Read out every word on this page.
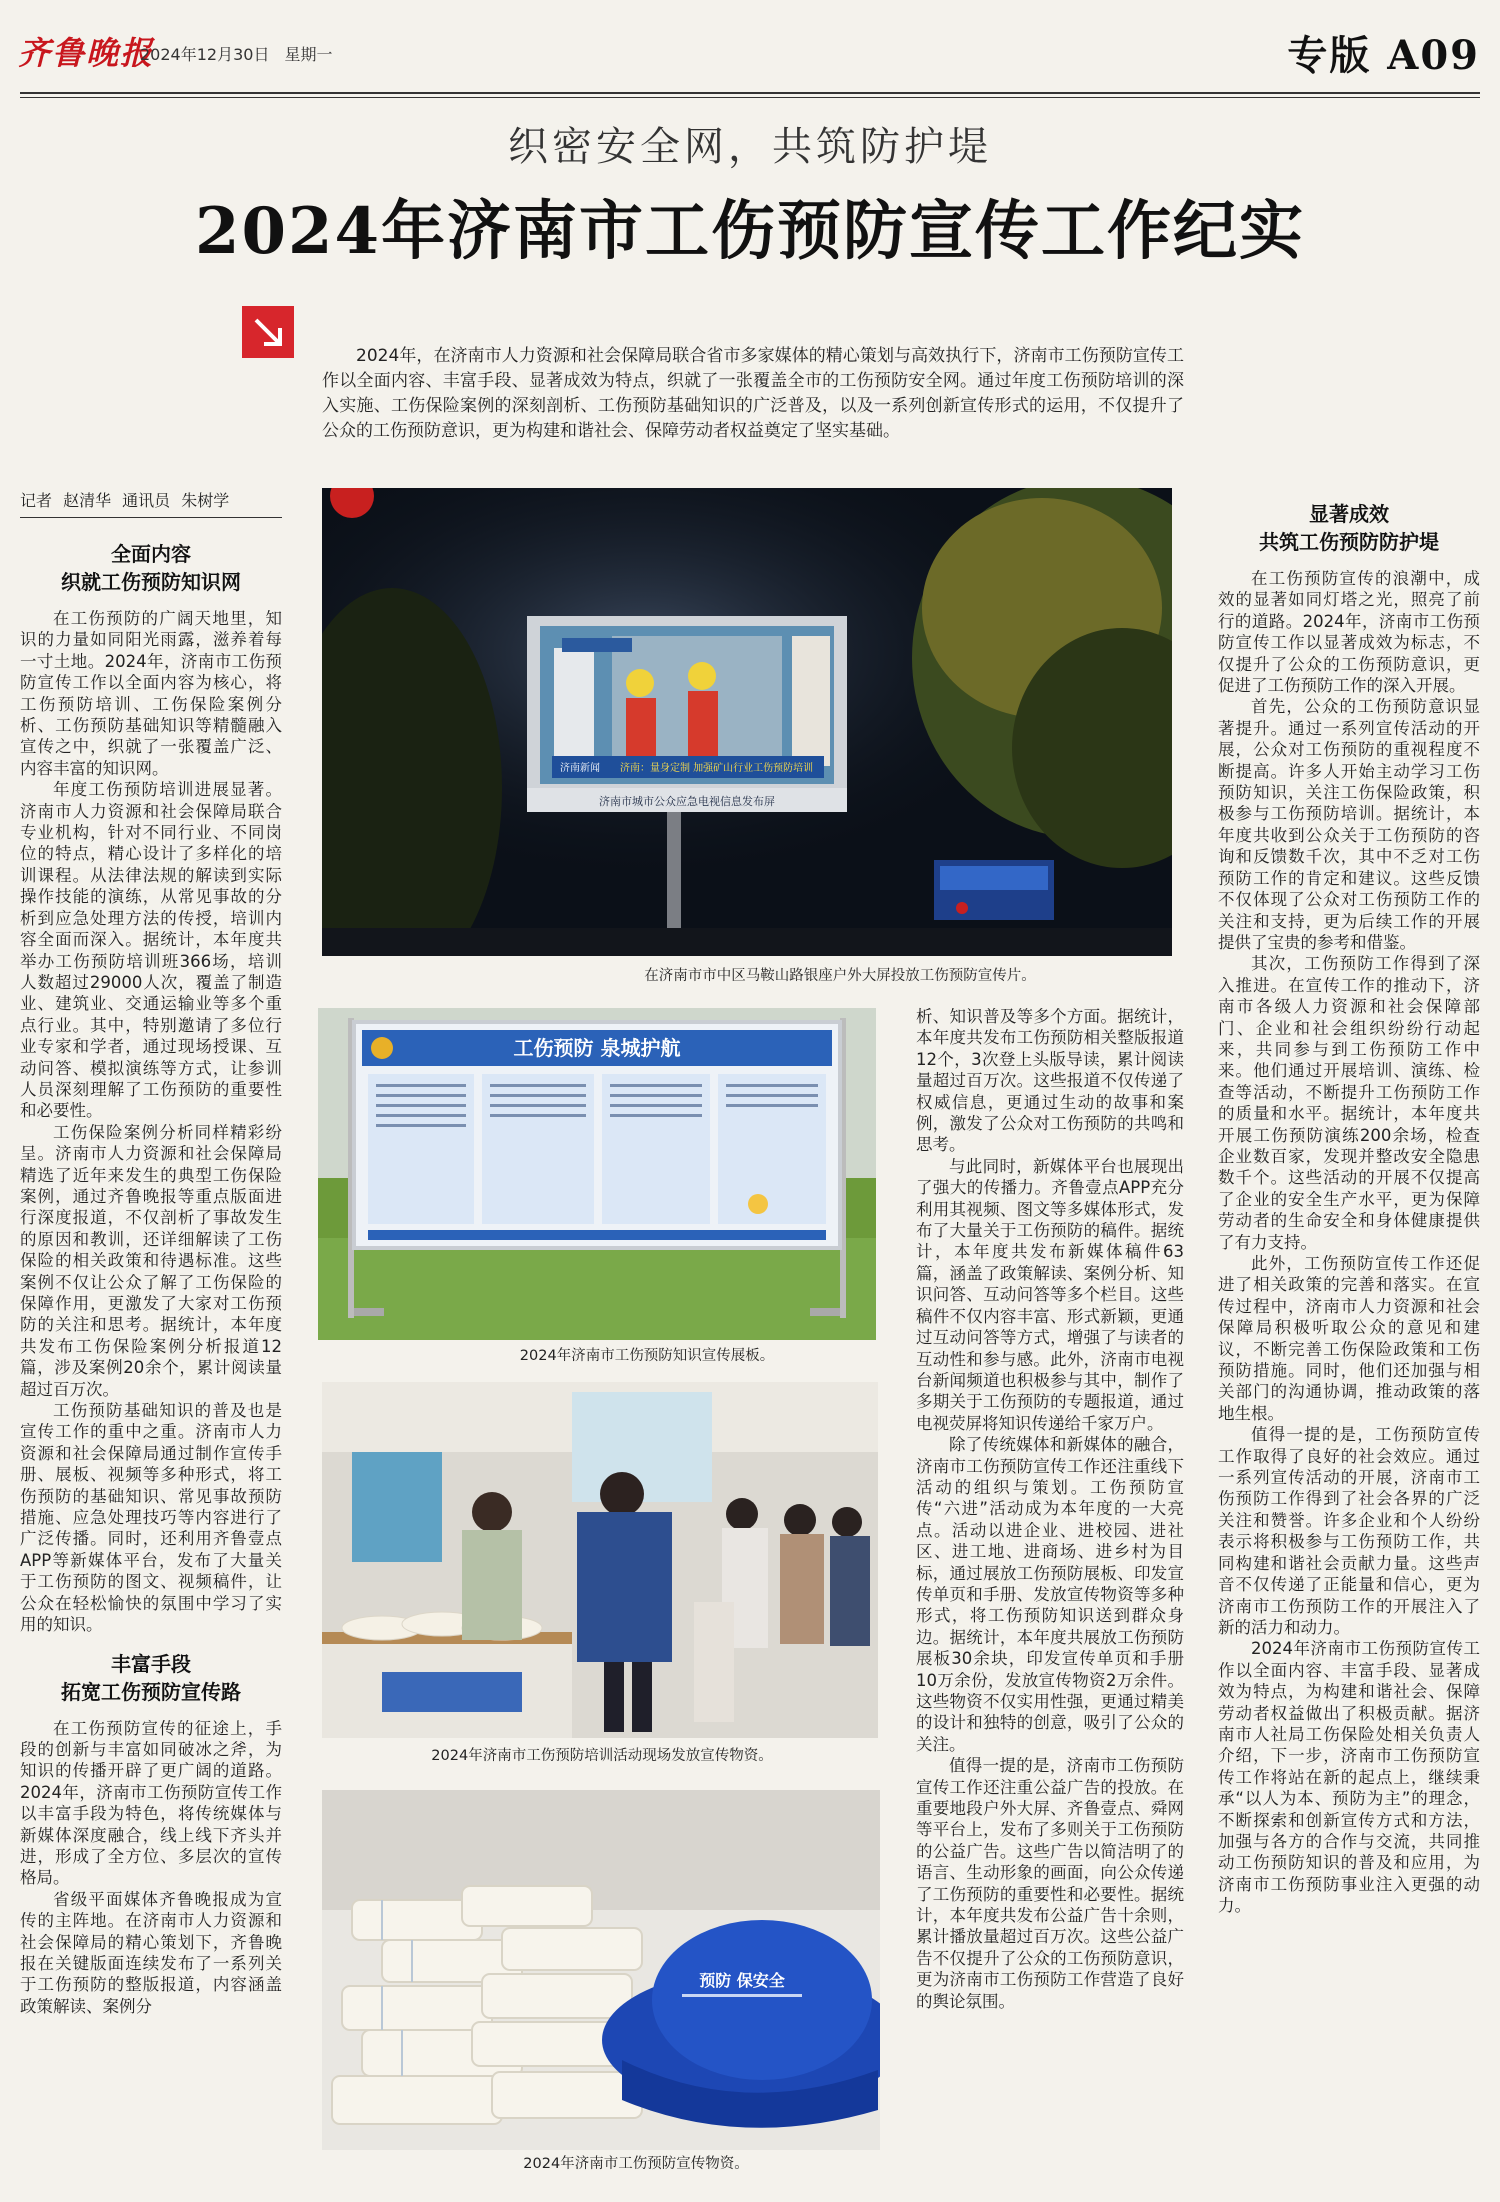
齐鲁晚报
2024年12月30日 星期一	专版 A09
织密安全网，共筑防护堤
2024年济南市工伤预防宣传工作纪实

2024年，在济南市人力资源和社会保障局联合省市多家媒体的精心策划与高效执行下，济南市工伤预防宣传工作以全面内容、丰富手段、显著成效为特点，织就了一张覆盖全市的工伤预防安全网。通过年度工伤预防培训的深入实施、工伤保险案例的深刻剖析、工伤预防基础知识的广泛普及，以及一系列创新宣传形式的运用，不仅提升了公众的工伤预防意识，更为构建和谐社会、保障劳动者权益奠定了坚实基础。

记者 赵清华 通讯员 朱树学
全面内容
织就工伤预防知识网

在工伤预防的广阔天地里，知识的力量如同阳光雨露，滋养着每一寸土地。2024年，济南市工伤预防宣传工作以全面内容为核心，将工伤预防培训、工伤保险案例分析、工伤预防基础知识等精髓融入宣传之中，织就了一张覆盖广泛、内容丰富的知识网。

年度工伤预防培训进展显著。济南市人力资源和社会保障局联合专业机构，针对不同行业、不同岗位的特点，精心设计了多样化的培训课程。从法律法规的解读到实际操作技能的演练，从常见事故的分析到应急处理方法的传授，培训内容全面而深入。据统计，本年度共举办工伤预防培训班366场，培训人数超过29000人次，覆盖了制造业、建筑业、交通运输业等多个重点行业。其中，特别邀请了多位行业专家和学者，通过现场授课、互动问答、模拟演练等方式，让参训人员深刻理解了工伤预防的重要性和必要性。

工伤保险案例分析同样精彩纷呈。济南市人力资源和社会保障局精选了近年来发生的典型工伤保险案例，通过齐鲁晚报等重点版面进行深度报道，不仅剖析了事故发生的原因和教训，还详细解读了工伤保险的相关政策和待遇标准。这些案例不仅让公众了解了工伤保险的保障作用，更激发了大家对工伤预防的关注和思考。据统计，本年度共发布工伤保险案例分析报道12篇，涉及案例20余个，累计阅读量超过百万次。

工伤预防基础知识的普及也是宣传工作的重中之重。济南市人力资源和社会保障局通过制作宣传手册、展板、视频等多种形式，将工伤预防的基础知识、常见事故预防措施、应急处理技巧等内容进行了广泛传播。同时，还利用齐鲁壹点APP等新媒体平台，发布了大量关于工伤预防的图文、视频稿件，让公众在轻松愉快的氛围中学习了实用的知识。

丰富手段
拓宽工伤预防宣传路

在工伤预防宣传的征途上，手段的创新与丰富如同破冰之斧，为知识的传播开辟了更广阔的道路。2024年，济南市工伤预防宣传工作以丰富手段为特色，将传统媒体与新媒体深度融合，线上线下齐头并进，形成了全方位、多层次的宣传格局。

省级平面媒体齐鲁晚报成为宣传的主阵地。在济南市人力资源和社会保障局的精心策划下，齐鲁晚报在关键版面连续发布了一系列关于工伤预防的整版报道，内容涵盖政策解读、案例分

济南新闻 济南：量身定制 加强矿山行业工伤预防培训
济南市城市公众应急电视信息发布屏
在济南市市中区马鞍山路银座户外大屏投放工伤预防宣传片。
工伤预防 泉城护航
2024年济南市工伤预防知识宣传展板。
2024年济南市工伤预防培训活动现场发放宣传物资。
预防 保安全
2024年济南市工伤预防宣传物资。

析、知识普及等多个方面。据统计，本年度共发布工伤预防相关整版报道12个，3次登上头版导读，累计阅读量超过百万次。这些报道不仅传递了权威信息，更通过生动的故事和案例，激发了公众对工伤预防的共鸣和思考。

与此同时，新媒体平台也展现出了强大的传播力。齐鲁壹点APP充分利用其视频、图文等多媒体形式，发布了大量关于工伤预防的稿件。据统计，本年度共发布新媒体稿件63篇，涵盖了政策解读、案例分析、知识问答、互动问答等多个栏目。这些稿件不仅内容丰富、形式新颖，更通过互动问答等方式，增强了与读者的互动性和参与感。此外，济南市电视台新闻频道也积极参与其中，制作了多期关于工伤预防的专题报道，通过电视荧屏将知识传递给千家万户。

除了传统媒体和新媒体的融合，济南市工伤预防宣传工作还注重线下活动的组织与策划。工伤预防宣传“六进”活动成为本年度的一大亮点。活动以进企业、进校园、进社区、进工地、进商场、进乡村为目标，通过展放工伤预防展板、印发宣传单页和手册、发放宣传物资等多种形式，将工伤预防知识送到群众身边。据统计，本年度共展放工伤预防展板30余块，印发宣传单页和手册10万余份，发放宣传物资2万余件。这些物资不仅实用性强，更通过精美的设计和独特的创意，吸引了公众的关注。

值得一提的是，济南市工伤预防宣传工作还注重公益广告的投放。在重要地段户外大屏、齐鲁壹点、舜网等平台上，发布了多则关于工伤预防的公益广告。这些广告以简洁明了的语言、生动形象的画面，向公众传递了工伤预防的重要性和必要性。据统计，本年度共发布公益广告十余则，累计播放量超过百万次。这些公益广告不仅提升了公众的工伤预防意识，更为济南市工伤预防工作营造了良好的舆论氛围。

显著成效
共筑工伤预防防护堤

在工伤预防宣传的浪潮中，成效的显著如同灯塔之光，照亮了前行的道路。2024年，济南市工伤预防宣传工作以显著成效为标志，不仅提升了公众的工伤预防意识，更促进了工伤预防工作的深入开展。

首先，公众的工伤预防意识显著提升。通过一系列宣传活动的开展，公众对工伤预防的重视程度不断提高。许多人开始主动学习工伤预防知识，关注工伤保险政策，积极参与工伤预防培训。据统计，本年度共收到公众关于工伤预防的咨询和反馈数千次，其中不乏对工伤预防工作的肯定和建议。这些反馈不仅体现了公众对工伤预防工作的关注和支持，更为后续工作的开展提供了宝贵的参考和借鉴。

其次，工伤预防工作得到了深入推进。在宣传工作的推动下，济南市各级人力资源和社会保障部门、企业和社会组织纷纷行动起来，共同参与到工伤预防工作中来。他们通过开展培训、演练、检查等活动，不断提升工伤预防工作的质量和水平。据统计，本年度共开展工伤预防演练200余场，检查企业数百家，发现并整改安全隐患数千个。这些活动的开展不仅提高了企业的安全生产水平，更为保障劳动者的生命安全和身体健康提供了有力支持。

此外，工伤预防宣传工作还促进了相关政策的完善和落实。在宣传过程中，济南市人力资源和社会保障局积极听取公众的意见和建议，不断完善工伤保险政策和工伤预防措施。同时，他们还加强与相关部门的沟通协调，推动政策的落地生根。

值得一提的是，工伤预防宣传工作取得了良好的社会效应。通过一系列宣传活动的开展，济南市工伤预防工作得到了社会各界的广泛关注和赞誉。许多企业和个人纷纷表示将积极参与工伤预防工作，共同构建和谐社会贡献力量。这些声音不仅传递了正能量和信心，更为济南市工伤预防工作的开展注入了新的活力和动力。

2024年济南市工伤预防宣传工作以全面内容、丰富手段、显著成效为特点，为构建和谐社会、保障劳动者权益做出了积极贡献。据济南市人社局工伤保险处相关负责人介绍，下一步，济南市工伤预防宣传工作将站在新的起点上，继续秉承“以人为本、预防为主”的理念，不断探索和创新宣传方式和方法，加强与各方的合作与交流，共同推动工伤预防知识的普及和应用，为济南市工伤预防事业注入更强的动力。
